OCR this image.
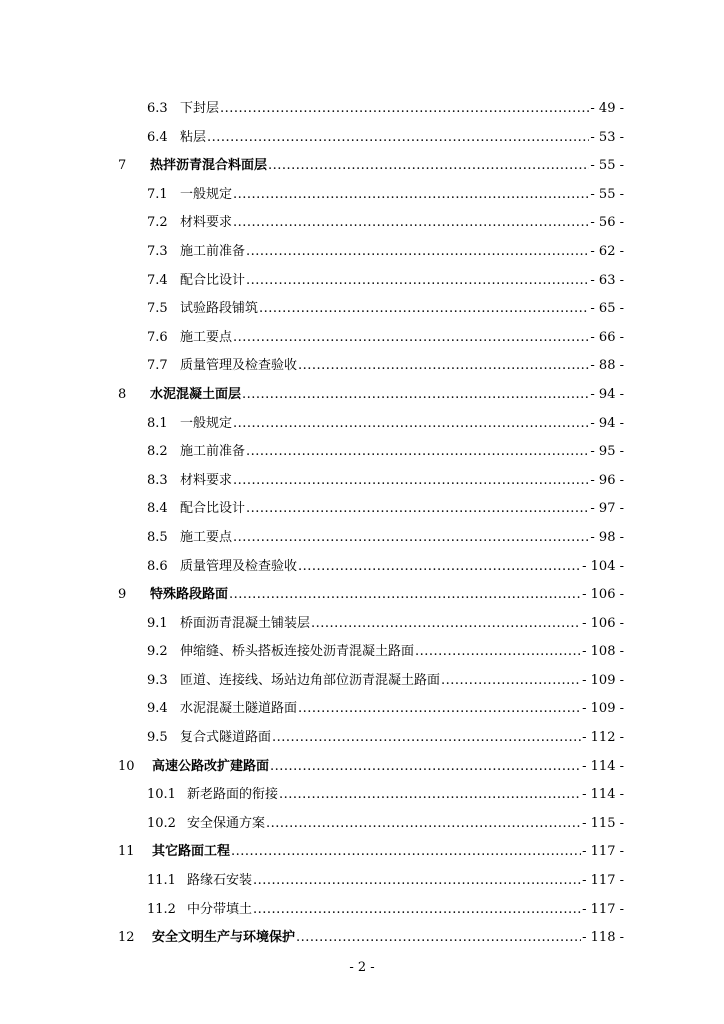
6.3 下封层 .....	- 49 -
6.4 粘层 .....	- 53 -
7	热拌沥青混合料面层 .....	- 55 -
7.1 一般规定 .....	- 55 -
7.2 材料要求 .....	- 56 -
7.3 施工前准备 .....	- 62 -
7.4 配合比设计 .....	- 63 -
7.5 试验路段铺筑 .....	- 65 -
7.6 施工要点 .....	- 66 -
7.7 质量管理及检查验收 .....	- 88 -
8	水泥混凝土面层 .....	- 94 -
8.1 一般规定 .....	- 94 -
8.2 施工前准备 .....	- 95 -
8.3 材料要求 .....	- 96 -
8.4 配合比设计 .....	- 97 -
8.5 施工要点 .....	- 98 -
8.6 质量管理及检查验收 .....	- 104 -
9	特殊路段路面 .....	- 106 -
9.1 桥面沥青混凝土铺装层 .....	- 106 -
9.2 伸缩缝、桥头搭板连接处沥青混凝土路面 .....	- 108 -
9.3 匝道、连接线、场站边角部位沥青混凝土路面 .....	- 109 -
9.4 水泥混凝土隧道路面 .....	- 109 -
9.5 复合式隧道路面 .....	- 112 -
10	高速公路改扩建路面 .....	- 114 -
10.1 新老路面的衔接 .....	- 114 -
10.2 安全保通方案 .....	- 115 -
11	其它路面工程 .....	- 117 -
11.1 路缘石安装 .....	- 117 -
11.2 中分带填土 .....	- 117 -
12	安全文明生产与环境保护 .....	- 118 -
- 2 -
